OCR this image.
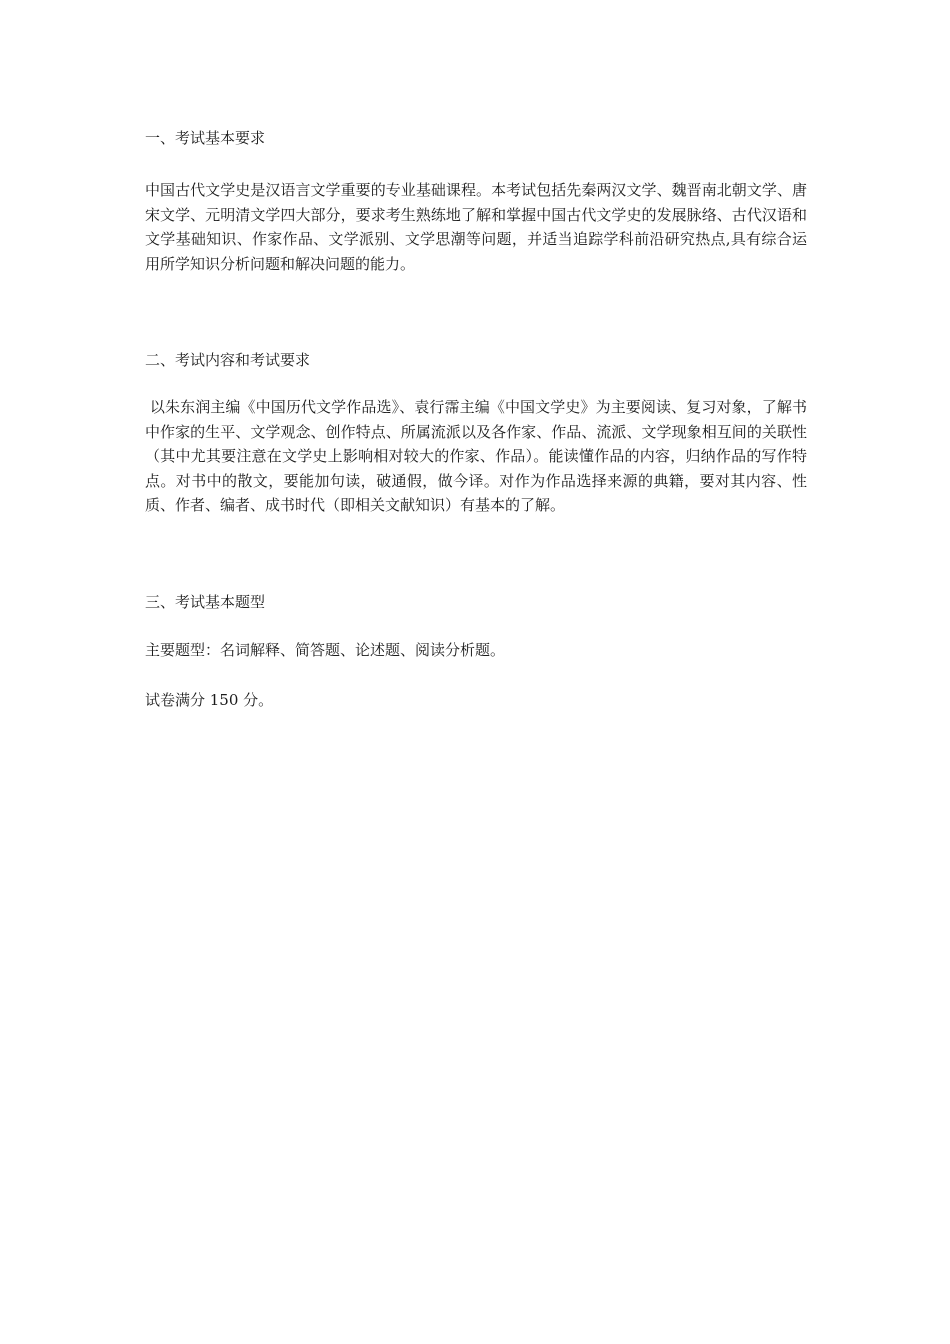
一、考试基本要求

中国古代文学史是汉语言文学重要的专业基础课程。本考试包括先秦两汉文学、魏晋南北朝文学、唐宋文学、元明清文学四大部分，要求考生熟练地了解和掌握中国古代文学史的发展脉络、古代汉语和文学基础知识、作家作品、文学派别、文学思潮等问题，并适当追踪学科前沿研究热点,具有综合运用所学知识分析问题和解决问题的能力。

二、考试内容和考试要求

以朱东润主编《中国历代文学作品选》、袁行霈主编《中国文学史》为主要阅读、复习对象，了解书中作家的生平、文学观念、创作特点、所属流派以及各作家、作品、流派、文学现象相互间的关联性（其中尤其要注意在文学史上影响相对较大的作家、作品）。能读懂作品的内容，归纳作品的写作特点。对书中的散文，要能加句读，破通假，做今译。对作为作品选择来源的典籍，要对其内容、性质、作者、编者、成书时代（即相关文献知识）有基本的了解。

三、考试基本题型

主要题型：名词解释、简答题、论述题、阅读分析题。

试卷满分 150 分。
